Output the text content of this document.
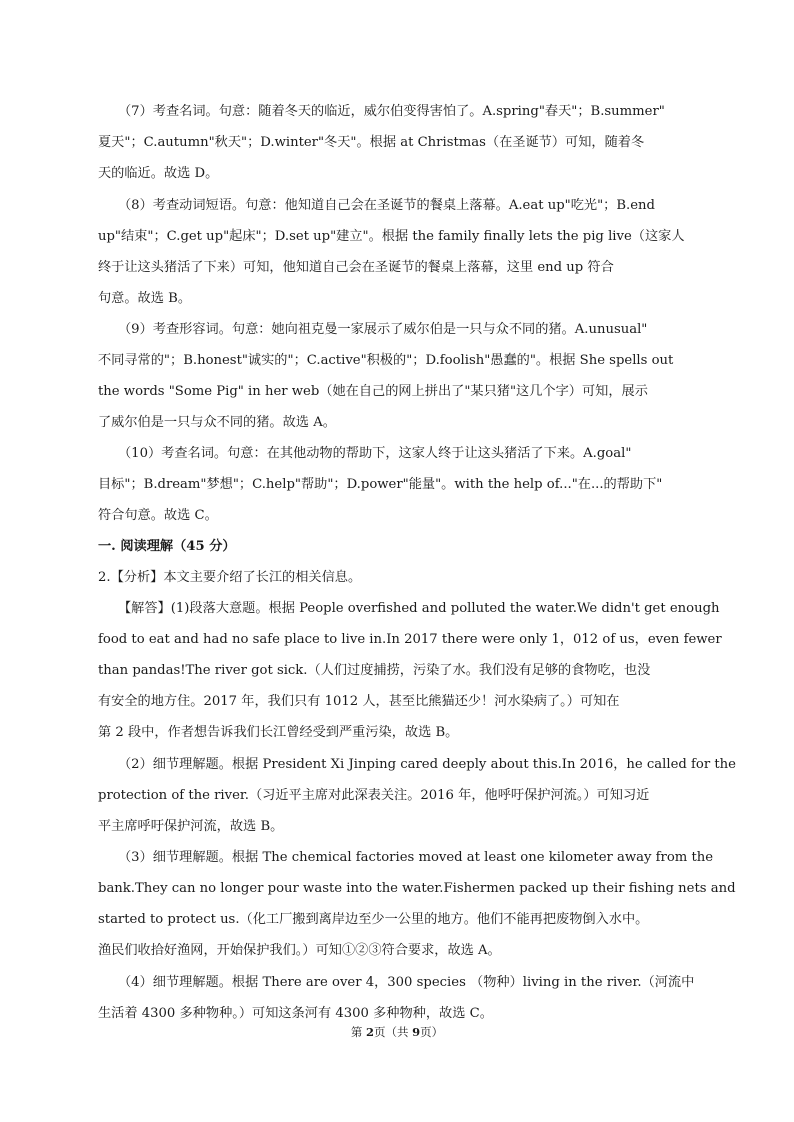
（7）考查名词。句意：随着冬天的临近，威尔伯变得害怕了。A.spring"春天"；B.summer"
夏天"；C.autumn"秋天"；D.winter"冬天"。根据 at Christmas（在圣诞节）可知，随着冬
天的临近。故选 D。
（8）考查动词短语。句意：他知道自己会在圣诞节的餐桌上落幕。A.eat up"吃光"；B.end
up"结束"；C.get up"起床"；D.set up"建立"。根据 the family finally lets the pig live（这家人
终于让这头猪活了下来）可知，他知道自己会在圣诞节的餐桌上落幕，这里 end up 符合
句意。故选 B。
（9）考查形容词。句意：她向祖克曼一家展示了威尔伯是一只与众不同的猪。A.unusual"
不同寻常的"；B.honest"诚实的"；C.active"积极的"；D.foolish"愚蠢的"。根据 She spells out
the words "Some Pig" in her web（她在自己的网上拼出了"某只猪"这几个字）可知，展示
了威尔伯是一只与众不同的猪。故选 A。
（10）考查名词。句意：在其他动物的帮助下，这家人终于让这头猪活了下来。A.goal"
目标"；B.dream"梦想"；C.help"帮助"；D.power"能量"。with the help of..."在...的帮助下"
符合句意。故选 C。
一. 阅读理解（45 分）
2.【分析】本文主要介绍了长江的相关信息。
【解答】(1)段落大意题。根据 People overfished and polluted the water.We didn't get enough
food to eat and had no safe place to live in.In 2017 there were only 1，012 of us，even fewer
than pandas!The river got sick.（人们过度捕捞，污染了水。我们没有足够的食物吃，也没
有安全的地方住。2017 年，我们只有 1012 人，甚至比熊猫还少！河水染病了。）可知在
第 2 段中，作者想告诉我们长江曾经受到严重污染，故选 B。
（2）细节理解题。根据 President Xi Jinping cared deeply about this.In 2016，he called for the
protection of the river.（习近平主席对此深表关注。2016 年，他呼吁保护河流。）可知习近
平主席呼吁保护河流，故选 B。
（3）细节理解题。根据 The chemical factories moved at least one kilometer away from the
bank.They can no longer pour waste into the water.Fishermen packed up their fishing nets and
started to protect us.（化工厂搬到离岸边至少一公里的地方。他们不能再把废物倒入水中。
渔民们收拾好渔网，开始保护我们。）可知①②③符合要求，故选 A。
（4）细节理解题。根据 There are over 4，300 species （物种）living in the river.（河流中
生活着 4300 多种物种。）可知这条河有 4300 多种物种，故选 C。
第 2页（共 9页）
